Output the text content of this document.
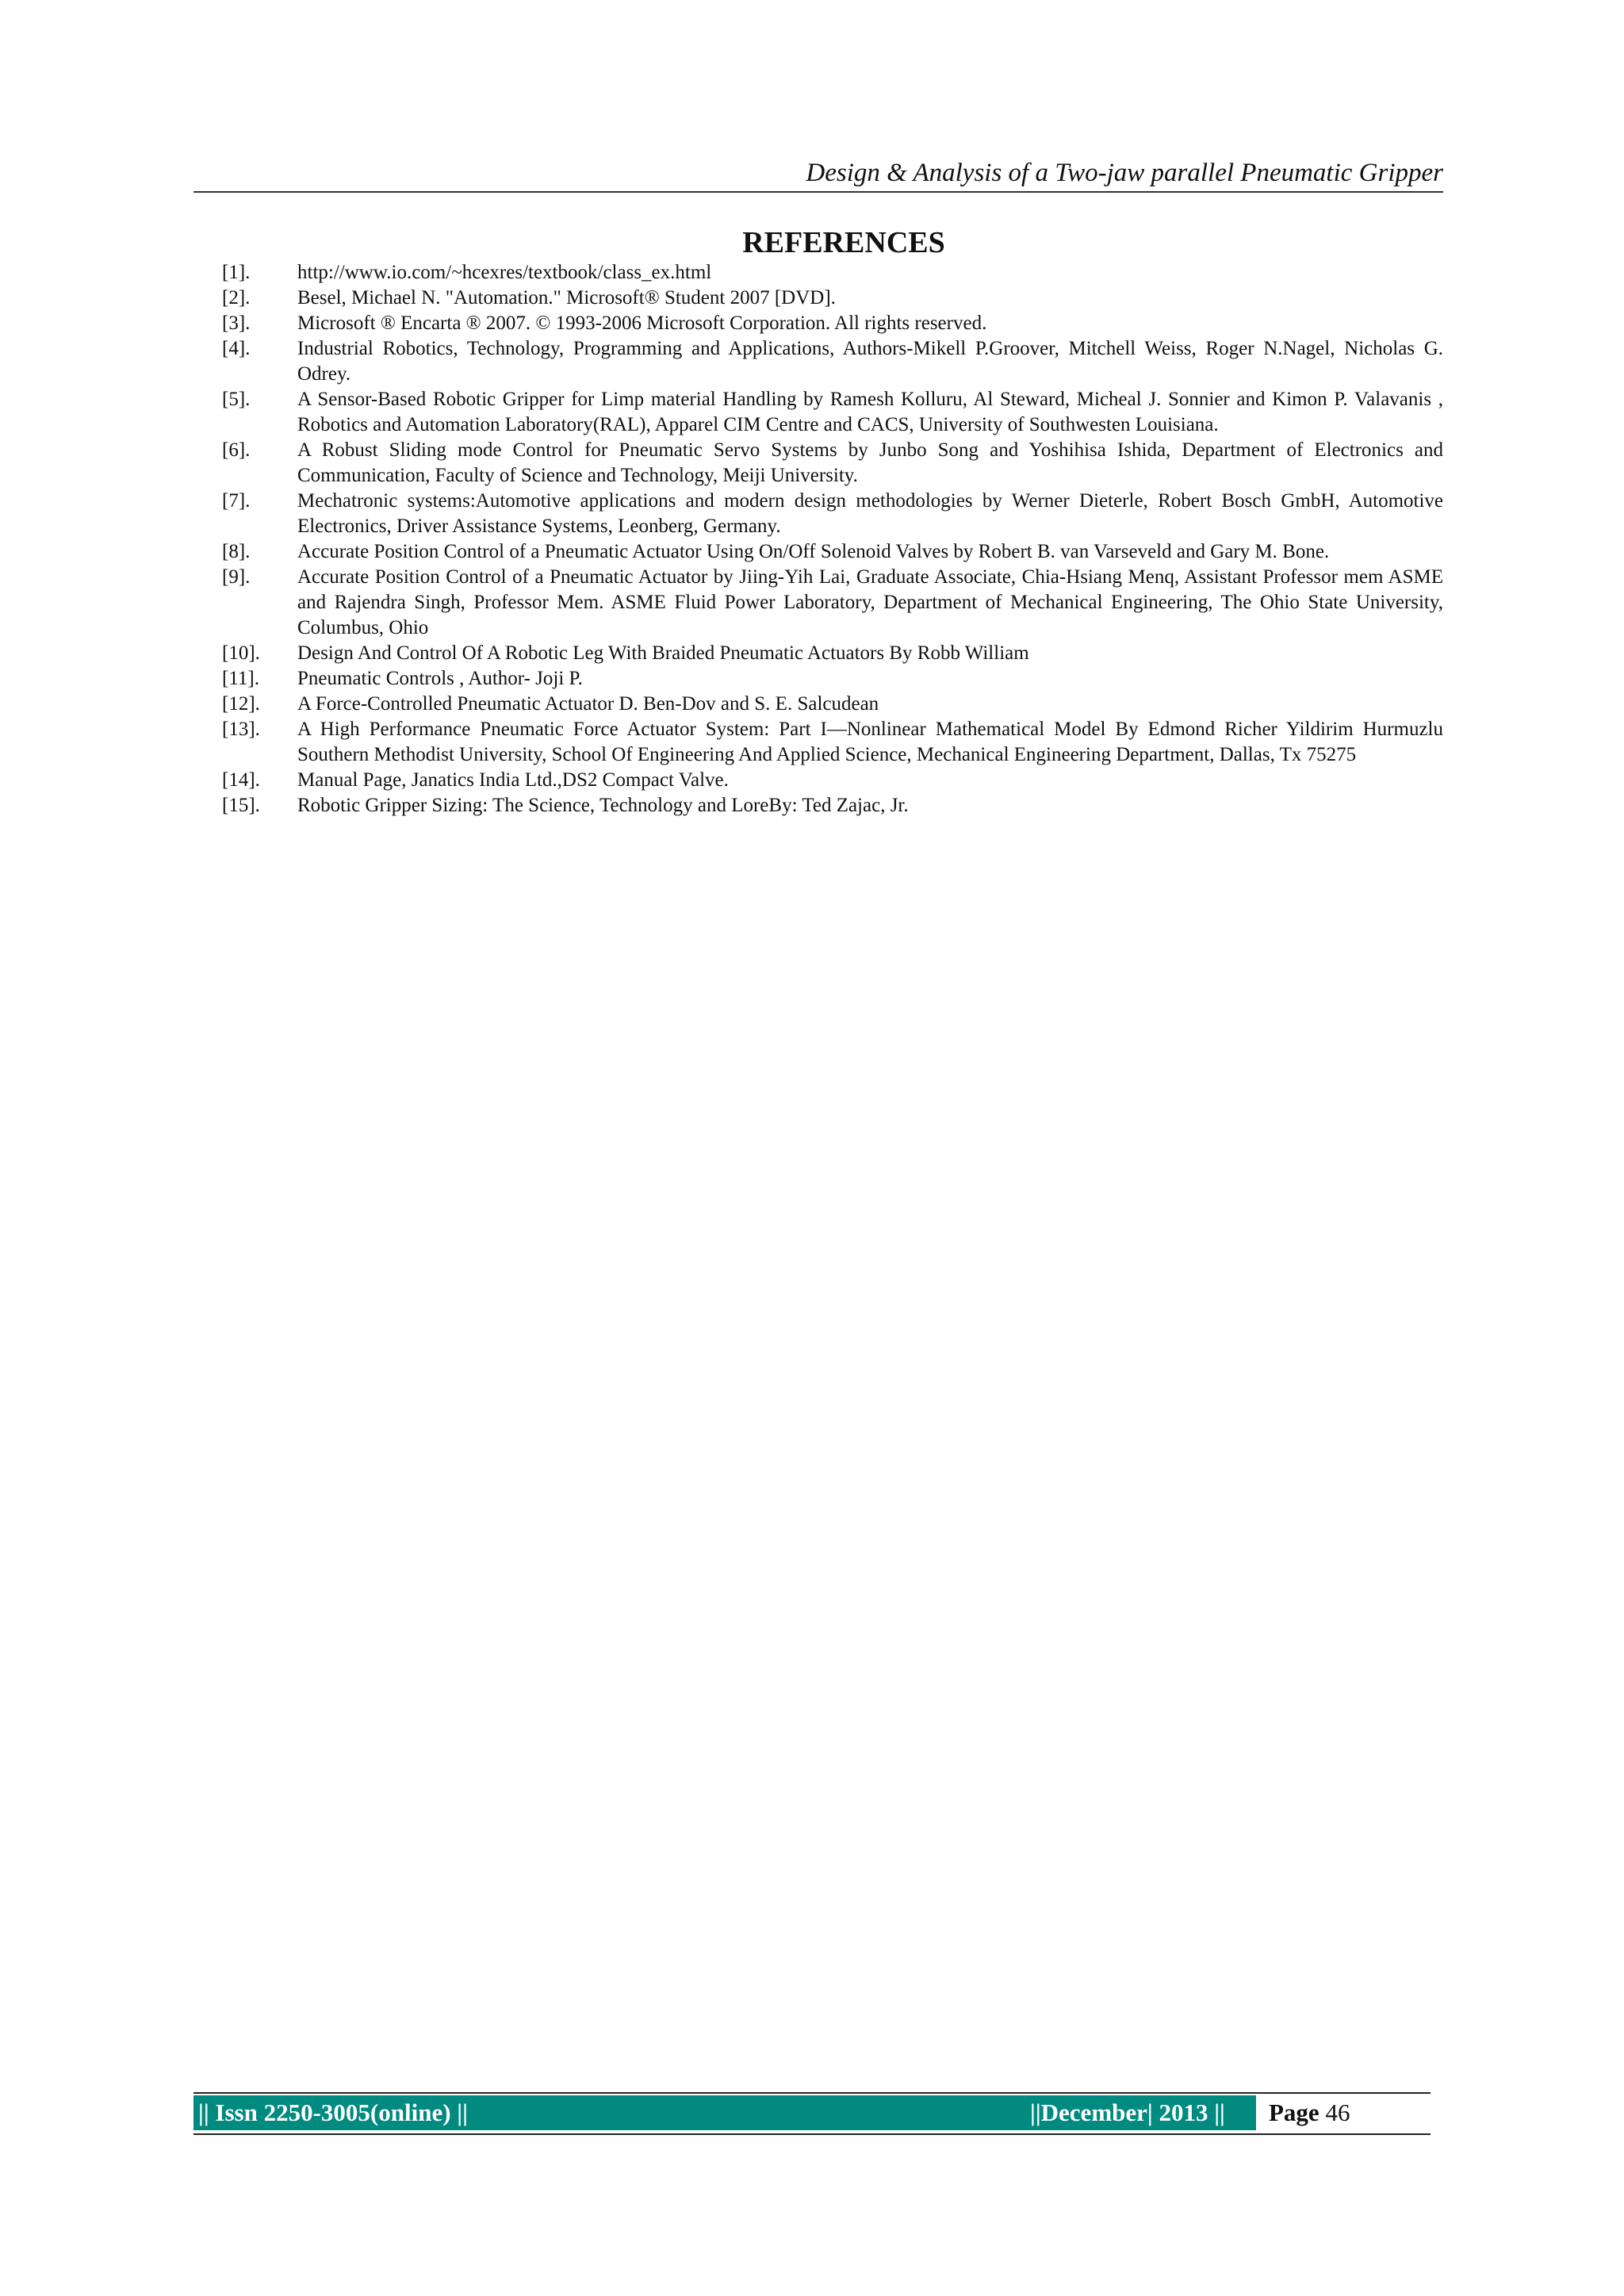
Design & Analysis of a Two-jaw parallel Pneumatic Gripper
REFERENCES
[1].	http://www.io.com/~hcexres/textbook/class_ex.html
[2].	Besel, Michael N. "Automation." Microsoft® Student 2007 [DVD].
[3].	Microsoft ® Encarta ® 2007. © 1993-2006 Microsoft Corporation. All rights reserved.
[4].	Industrial Robotics, Technology, Programming and Applications, Authors-Mikell P.Groover, Mitchell Weiss, Roger N.Nagel, Nicholas G. Odrey.
[5].	A Sensor-Based Robotic Gripper for Limp material Handling by Ramesh Kolluru, Al Steward, Micheal J. Sonnier and Kimon P. Valavanis , Robotics and Automation Laboratory(RAL), Apparel CIM Centre and CACS, University of Southwesten Louisiana.
[6].	A Robust Sliding mode Control for Pneumatic Servo Systems by Junbo Song and Yoshihisa Ishida, Department of Electronics and Communication, Faculty of Science and Technology, Meiji University.
[7].	Mechatronic systems:Automotive applications and modern design methodologies by Werner Dieterle, Robert Bosch GmbH, Automotive Electronics, Driver Assistance Systems, Leonberg, Germany.
[8].	Accurate Position Control of a Pneumatic Actuator Using On/Off Solenoid Valves by Robert B. van Varseveld and Gary M. Bone.
[9].	Accurate Position Control of a Pneumatic Actuator by Jiing-Yih Lai, Graduate Associate, Chia-Hsiang Menq, Assistant Professor mem ASME and Rajendra Singh, Professor Mem. ASME Fluid Power Laboratory, Department of Mechanical Engineering, The Ohio State University, Columbus, Ohio
[10].	Design And Control Of A Robotic Leg With Braided Pneumatic Actuators By Robb William
[11].	Pneumatic Controls , Author- Joji P.
[12].	A Force-Controlled Pneumatic Actuator D. Ben-Dov and S. E. Salcudean
[13].	A High Performance Pneumatic Force Actuator System: Part I—Nonlinear Mathematical Model By Edmond Richer Yildirim Hurmuzlu Southern Methodist University, School Of Engineering And Applied Science, Mechanical Engineering Department, Dallas, Tx 75275
[14].	Manual Page, Janatics India Ltd.,DS2 Compact Valve.
[15].	Robotic Gripper Sizing: The Science, Technology and LoreBy: Ted Zajac, Jr.
|| Issn 2250-3005(online) ||	||December| 2013 ||	Page 46
